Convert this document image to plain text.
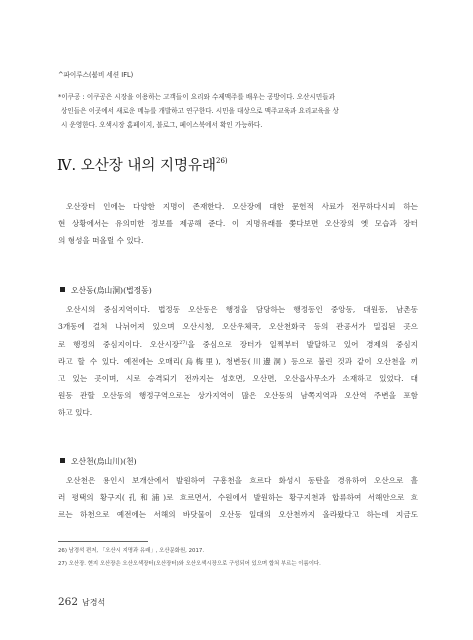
^파이루스(붐비 세션 IFL)
*이쿠공 : 이쿠공은 시장을 이용하는 고객들이 요리와 수제맥주를 배우는 공방이다. 오산시민들과
상인들은 이곳에서 새로운 메뉴를 개발하고 연구한다. 시민을 대상으로 맥주교육과 요리교육을 상
시 운영한다. 오색시장 홈페이지, 블로그, 페이스북에서 확인 가능하다.
Ⅳ. 오산장 내의 지명유래$^{26)}$
오산장터 인에는 다양한 지명이 존재한다. 오산장에 대한 문헌적 사료가 전무하다시피 하는
현 상황에서는 유의미한 정보를 제공해 준다. 이 지명유래를 쫓다보면 오산장의 옛 모습과 장터
의 형성을 떠올릴 수 있다.
오산동(烏山洞)(법정동)
오산시의 중심지역이다. 법정동 오산동은 행정을 담당하는 행정동인 중앙동, 대원동, 남촌동
3개동에 걸쳐 나뉘어져 있으며 오산시청, 오산우체국, 오산천화국 등의 관공서가 밀집된 곳으
로 행정의 중심지이다. 오산시장$^{27)}$을 중심으로 장터가 일찍부터 발달하고 있어 경제의 중심지
라고 할 수 있다. 예전에는 오매리(烏梅里), 청변동(川邊洞) 등으로 불린 것과 같이 오산천을 끼
고 있는 곳이며, 시로 승격되기 전까지는 성호면, 오산면, 오산읍사무소가 소재하고 있었다. 대
원동 관할 오산동의 행정구역으로는 상가지역이 많은 오산동의 남쪽지역과 오산역 주변을 포함
하고 있다.
오산천(烏山川)(천)
오산천은 용인시 보개산에서 발원하여 구흥천을 흐르다 화성시 동탄을 경유하여 오산으로 흘
러 평택의 황구지(孔和浦)로 흐르면서, 수원에서 발원하는 황구지천과 합류하여 서해안으로 흐
르는 하천으로 예전에는 서해의 바닷물이 오산동 일대의 오산천까지 올라왔다고 하는데 지금도
26) 남경석 편저, 「오산시 지명과 유래」, 오산문화원, 2017.
27) 오산장. 현지 오산장은 오산오색장터(오산장터)와 오산오색시장으로 구성되어 있으며 합쳐 부르는 이름이다.
262 남경석
